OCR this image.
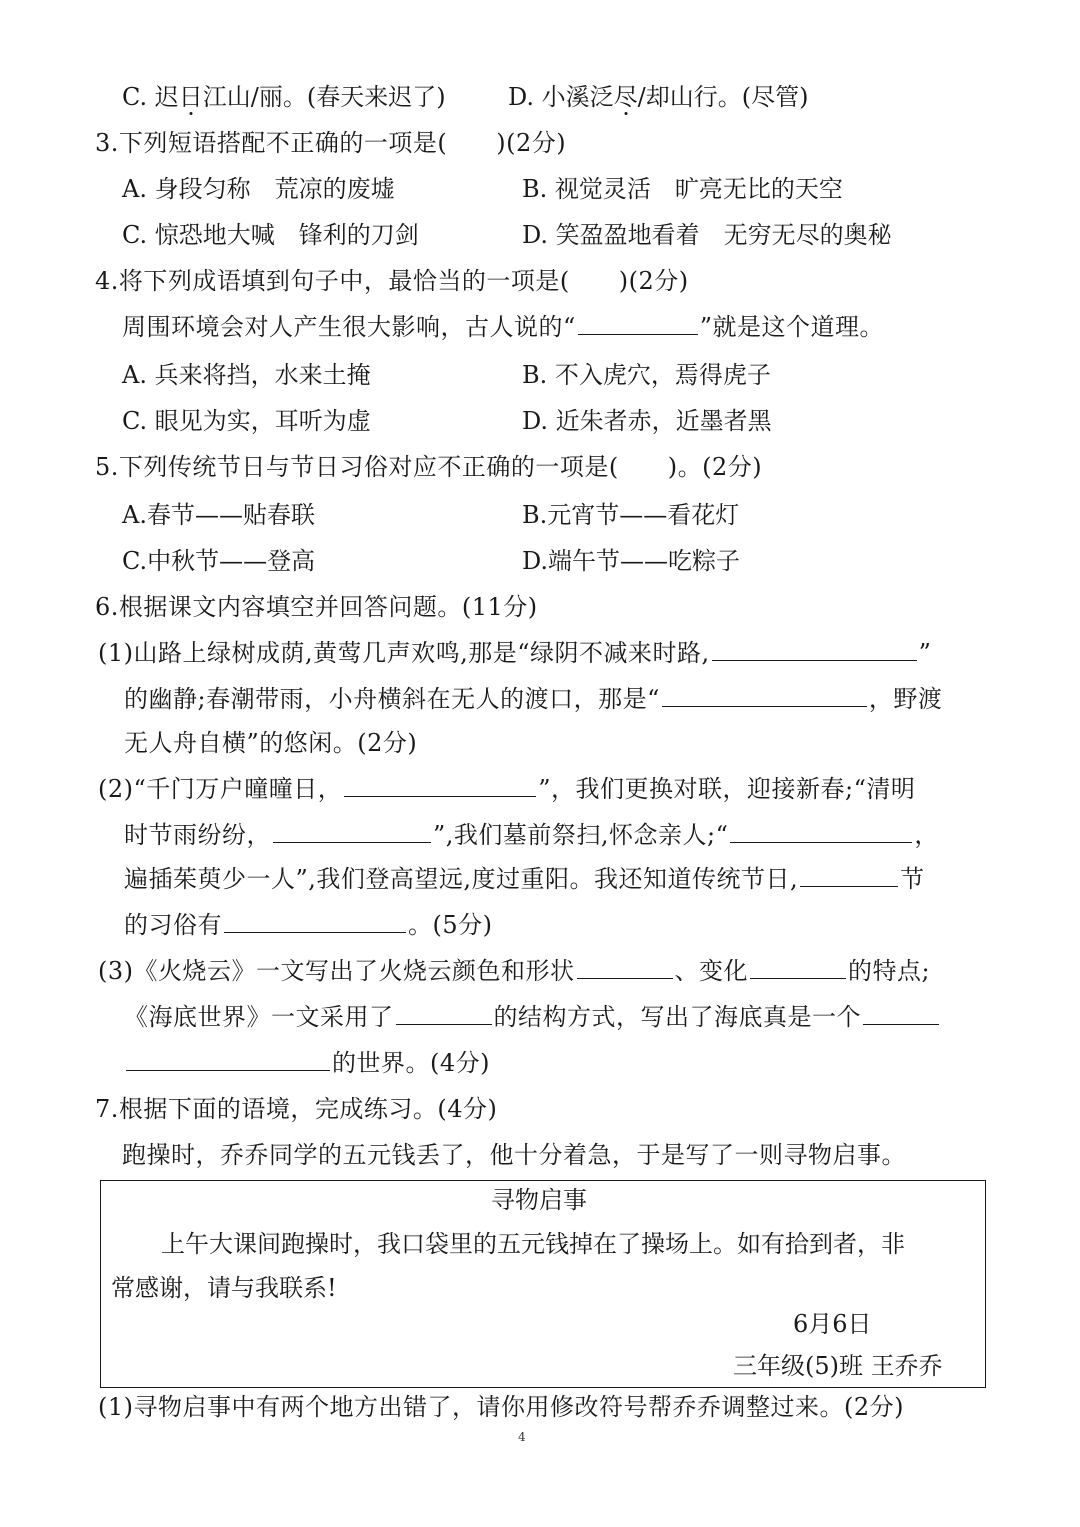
C. 迟日江山/丽。(春天来迟了)	D. 小溪泛尽/却山行。(尽管)
3.下列短语搭配不正确的一项是(　　)(2分)
A. 身段匀称　荒凉的废墟	B. 视觉灵活　旷亮无比的天空
C. 惊恐地大喊　锋利的刀剑	D. 笑盈盈地看着　无穷无尽的奥秘
4.将下列成语填到句子中，最恰当的一项是(　　)(2分)
周围环境会对人产生很大影响，古人说的“	”就是这个道理。
A. 兵来将挡，水来土掩	B. 不入虎穴，焉得虎子
C. 眼见为实，耳听为虚	D. 近朱者赤，近墨者黑
5.下列传统节日与节日习俗对应不正确的一项是(　　)。(2分)
A.春节——贴春联	B.元宵节——看花灯
C.中秋节——登高	D.端午节——吃粽子
6.根据课文内容填空并回答问题。(11分)
(1)山路上绿树成荫,黄莺几声欢鸣,那是“绿阴不减来时路,	”
的幽静;春潮带雨，小舟横斜在无人的渡口，那是“	，野渡
无人舟自横”的悠闲。(2分)
(2)“千门万户曈曈日，	”，我们更换对联，迎接新春;“清明
时节雨纷纷，	”,我们墓前祭扫,怀念亲人;“	，
遍插茱萸少一人”,我们登高望远,度过重阳。我还知道传统节日,	节
的习俗有	。(5分)
(3)《火烧云》一文写出了火烧云颜色和形状	、变化	的特点;
《海底世界》一文采用了	的结构方式，写出了海底真是一个
的世界。(4分)
7.根据下面的语境，完成练习。(4分)
跑操时，乔乔同学的五元钱丢了，他十分着急，于是写了一则寻物启事。
寻物启事
上午大课间跑操时，我口袋里的五元钱掉在了操场上。如有拾到者，非
常感谢，请与我联系!
6月6日
三年级(5)班 王乔乔
(1)寻物启事中有两个地方出错了，请你用修改符号帮乔乔调整过来。(2分)
4
